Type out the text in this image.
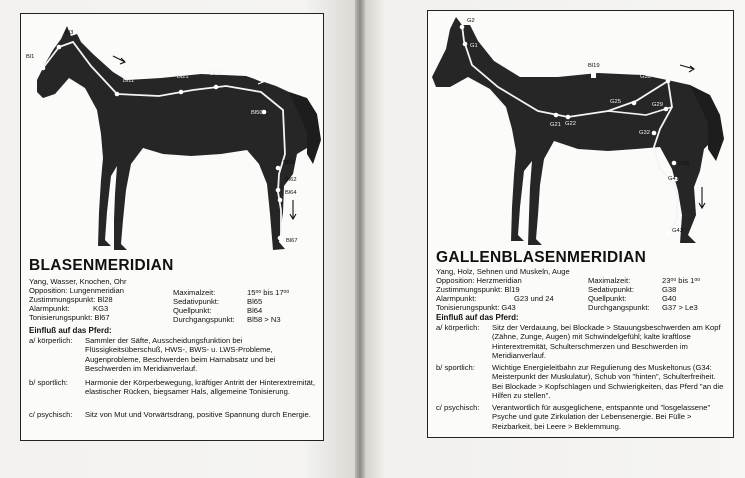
Bl1
Bl3
Bl11
Bl21	Bl28
Bl50
Bl59
Bl62
Bl64
Bl67
BLASENMERIDIAN
Yang, Wasser, Knochen, Ohr
Opposition: Lungenmeridian
Zustimmungspunkt: Bl28
Alarmpunkt:	KG3
Tonisierungspunkt: Bl67
Maximalzeit:	15ᵒᵒ bis 17ᵒᵒ
Sedativpunkt:	Bl65
Quellpunkt:	Bl64
Durchgangspunkt: Bl58 > N3
Einfluß auf das Pferd:
a/ körperlich: Sammler der Säfte, Ausscheidungsfunktion bei Flüssigkeitsüberschuß, HWS-, BWS- u. LWS-Probleme, Augenprobleme, Beschwerden beim Harnabsatz und bei Beschwerden im Meridianverlauf.
b/ sportlich: Harmonie der Körperbewegung, kräftiger Antritt der Hinterextremität, elastischer Rücken, biegsamer Hals, allgemeine Tonisierung.
c/ psychisch: Sitz von Mut und Vorwärtsdrang, positive Spannung durch Energie.
G2
G1
Bl19
G30
G25	G29
G22
G21
G32
G38
G41
G43
GALLENBLASENMERIDIAN
Yang, Holz, Sehnen und Muskeln, Auge
Opposition: Herzmeridian
Zustimmungspunkt: Bl19
Alarmpunkt:	G23 und 24
Tonisierungspunkt: G43
Maximalzeit:	23ᵒᵒ bis 1ᵒᵒ
Sedativpunkt:	G38
Quellpunkt:	G40
Durchgangspunkt: G37 > Le3
Einfluß auf das Pferd:
a/ körperlich: Sitz der Verdauung, bei Blockade > Stauungsbeschwerden am Kopf (Zähne, Zunge, Augen) mit Schwindelgefühl; kalte kraftlose Hinterextremität, Schulterschmerzen und Beschwerden im Meridianverlauf.
b/ sportlich: Wichtige Energieleitbahn zur Regulierung des Muskeltonus (G34: Meisterpunkt der Muskulatur), Schub von "hinten", Schulterfreiheit. Bei Blockade > Kopfschlagen und Schwierigkeiten, das Pferd "an die Hilfen zu stellen".
c/ psychisch: Verantwortlich für ausgeglichene, entspannte und "losgelassene" Psyche und gute Zirkulation der Lebensenergie. Bei Fülle > Reizbarkeit, bei Leere > Beklemmung.
